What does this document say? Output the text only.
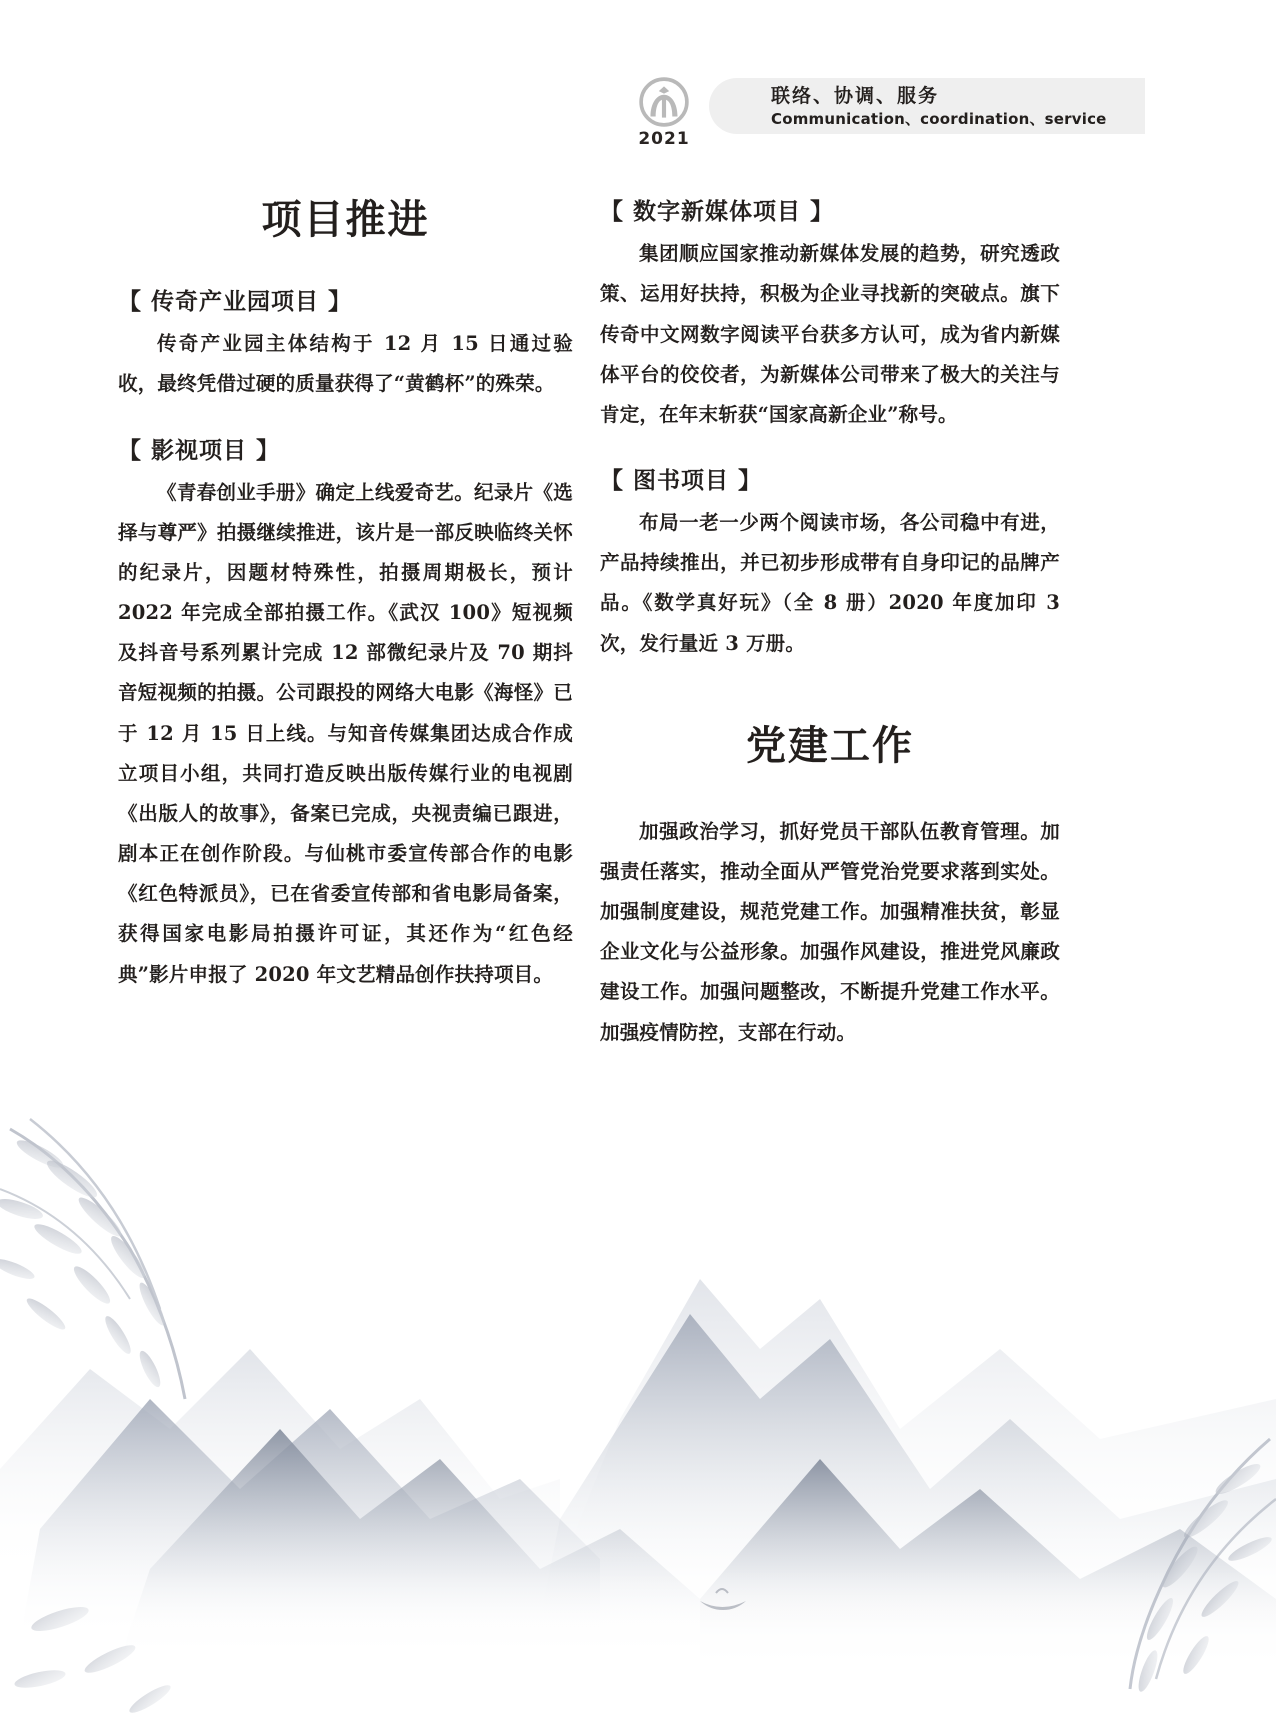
2021
联络、协调、服务
Communication、coordination、service
项目推进
【 传奇产业园项目 】

传奇产业园主体结构于 12 月 15 日通过验收，最终凭借过硬的质量获得了“黄鹤杯”的殊荣。

【 影视项目 】

《青春创业手册》确定上线爱奇艺。纪录片《选择与尊严》拍摄继续推进，该片是一部反映临终关怀的纪录片，因题材特殊性，拍摄周期极长，预计 2022 年完成全部拍摄工作。《武汉 100》短视频及抖音号系列累计完成 12 部微纪录片及 70 期抖音短视频的拍摄。公司跟投的网络大电影《海怪》已于 12 月 15 日上线。与知音传媒集团达成合作成立项目小组，共同打造反映出版传媒行业的电视剧《出版人的故事》，备案已完成，央视责编已跟进，剧本正在创作阶段。与仙桃市委宣传部合作的电影《红色特派员》，已在省委宣传部和省电影局备案，获得国家电影局拍摄许可证，其还作为“红色经典”影片申报了 2020 年文艺精品创作扶持项目。

【 数字新媒体项目 】

集团顺应国家推动新媒体发展的趋势，研究透政策、运用好扶持，积极为企业寻找新的突破点。旗下传奇中文网数字阅读平台获多方认可，成为省内新媒体平台的佼佼者，为新媒体公司带来了极大的关注与肯定，在年末斩获“国家高新企业”称号。

【 图书项目 】

布局一老一少两个阅读市场，各公司稳中有进，产品持续推出，并已初步形成带有自身印记的品牌产品。《数学真好玩》（全 8 册）2020 年度加印 3 次，发行量近 3 万册。

党建工作

加强政治学习，抓好党员干部队伍教育管理。加强责任落实，推动全面从严管党治党要求落到实处。加强制度建设，规范党建工作。加强精准扶贫，彰显企业文化与公益形象。加强作风建设，推进党风廉政建设工作。加强问题整改，不断提升党建工作水平。加强疫情防控，支部在行动。
